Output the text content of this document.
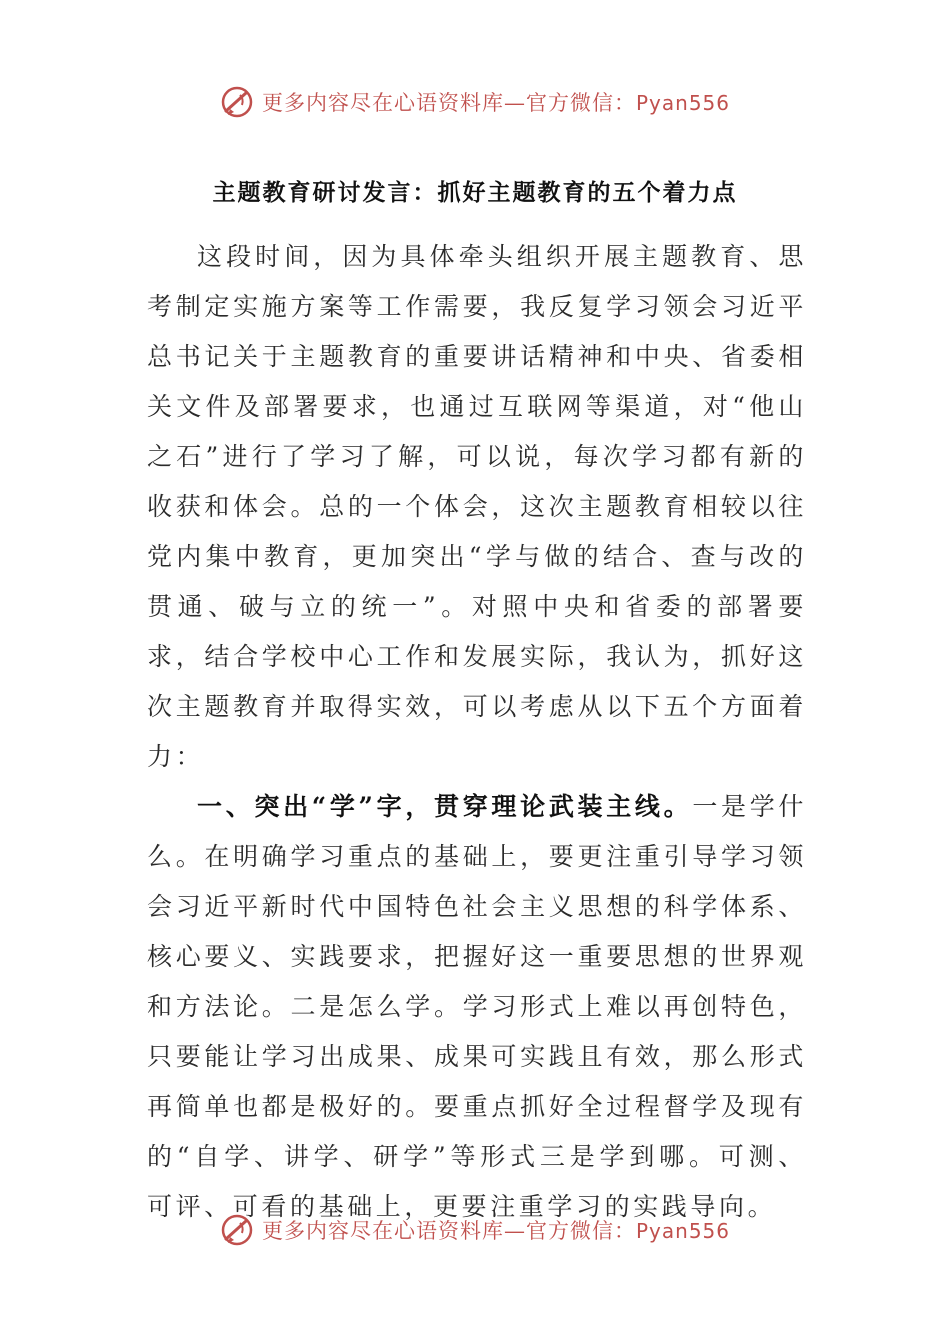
更多内容尽在心语资料库—官方微信：Pyan556
主题教育研讨发言：抓好主题教育的五个着力点

这段时间，因为具体牵头组织开展主题教育、思考制定实施方案等工作需要，我反复学习领会习近平总书记关于主题教育的重要讲话精神和中央、省委相关文件及部署要求，也通过互联网等渠道，对“他山之石”进行了学习了解，可以说，每次学习都有新的收获和体会。总的一个体会，这次主题教育相较以往党内集中教育，更加突出“学与做的结合、查与改的贯通、破与立的统一”。对照中央和省委的部署要求，结合学校中心工作和发展实际，我认为，抓好这次主题教育并取得实效，可以考虑从以下五个方面着力：

一、突出“学”字，贯穿理论武装主线。一是学什么。在明确学习重点的基础上，要更注重引导学习领会习近平新时代中国特色社会主义思想的科学体系、核心要义、实践要求，把握好这一重要思想的世界观和方法论。二是怎么学。学习形式上难以再创特色，只要能让学习出成果、成果可实践且有效，那么形式再简单也都是极好的。要重点抓好全过程督学及现有的“自学、讲学、研学”等形式三是学到哪。可测、可评、可看的基础上，更要注重学习的实践导向。

更多内容尽在心语资料库—官方微信：Pyan556
